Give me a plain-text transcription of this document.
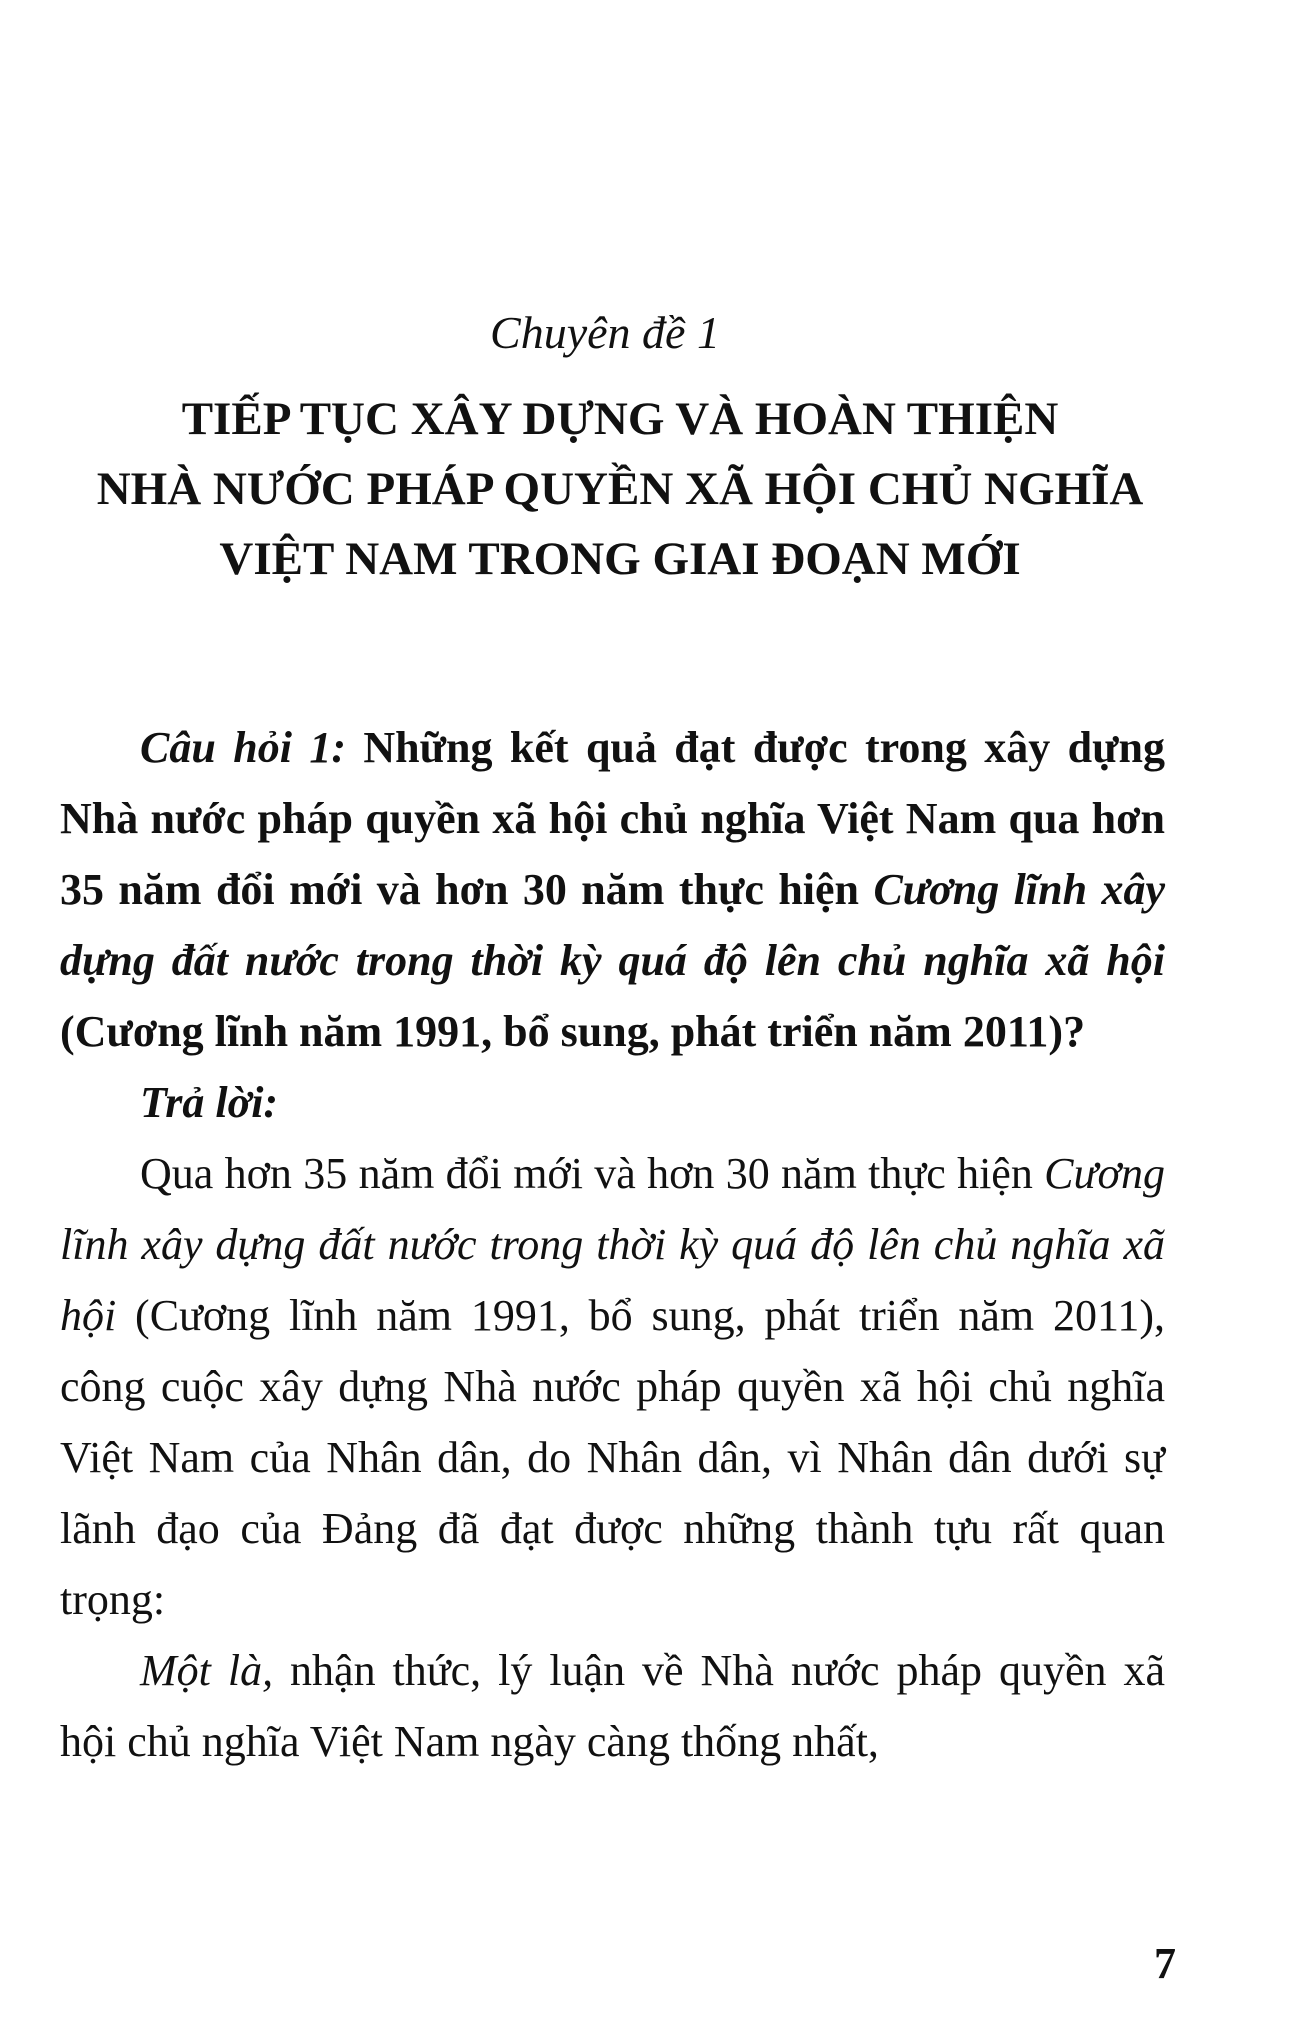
Chuyên đề 1
TIẾP TỤC XÂY DỰNG VÀ HOÀN THIỆN
NHÀ NƯỚC PHÁP QUYỀN XÃ HỘI CHỦ NGHĨA
VIỆT NAM TRONG GIAI ĐOẠN MỚI

Câu hỏi 1: Những kết quả đạt được trong xây dựng Nhà nước pháp quyền xã hội chủ nghĩa Việt Nam qua hơn 35 năm đổi mới và hơn 30 năm thực hiện Cương lĩnh xây dựng đất nước trong thời kỳ quá độ lên chủ nghĩa xã hội (Cương lĩnh năm 1991, bổ sung, phát triển năm 2011)?

Trả lời:

Qua hơn 35 năm đổi mới và hơn 30 năm thực hiện Cương lĩnh xây dựng đất nước trong thời kỳ quá độ lên chủ nghĩa xã hội (Cương lĩnh năm 1991, bổ sung, phát triển năm 2011), công cuộc xây dựng Nhà nước pháp quyền xã hội chủ nghĩa Việt Nam của Nhân dân, do Nhân dân, vì Nhân dân dưới sự lãnh đạo của Đảng đã đạt được những thành tựu rất quan trọng:

Một là, nhận thức, lý luận về Nhà nước pháp quyền xã hội chủ nghĩa Việt Nam ngày càng thống nhất,

7
